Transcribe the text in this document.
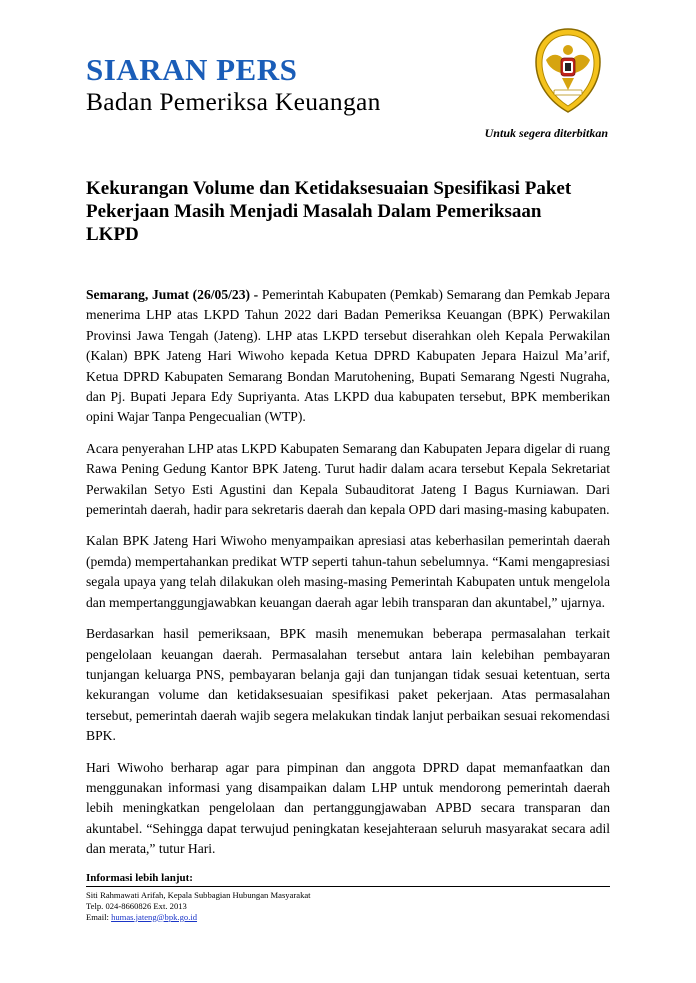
SIARAN PERS
Badan Pemeriksa Keuangan
Untuk segera diterbitkan
Kekurangan Volume dan Ketidaksesuaian Spesifikasi Paket Pekerjaan Masih Menjadi Masalah Dalam Pemeriksaan LKPD

Semarang, Jumat (26/05/23) - Pemerintah Kabupaten (Pemkab) Semarang dan Pemkab Jepara menerima LHP atas LKPD Tahun 2022 dari Badan Pemeriksa Keuangan (BPK) Perwakilan Provinsi Jawa Tengah (Jateng). LHP atas LKPD tersebut diserahkan oleh Kepala Perwakilan (Kalan) BPK Jateng Hari Wiwoho kepada Ketua DPRD Kabupaten Jepara Haizul Ma’arif, Ketua DPRD Kabupaten Semarang Bondan Marutohening, Bupati Semarang Ngesti Nugraha, dan Pj. Bupati Jepara Edy Supriyanta. Atas LKPD dua kabupaten tersebut, BPK memberikan opini Wajar Tanpa Pengecualian (WTP).

Acara penyerahan LHP atas LKPD Kabupaten Semarang dan Kabupaten Jepara digelar di ruang Rawa Pening Gedung Kantor BPK Jateng. Turut hadir dalam acara tersebut Kepala Sekretariat Perwakilan Setyo Esti Agustini dan Kepala Subauditorat Jateng I Bagus Kurniawan. Dari pemerintah daerah, hadir para sekretaris daerah dan kepala OPD dari masing-masing kabupaten.

Kalan BPK Jateng Hari Wiwoho menyampaikan apresiasi atas keberhasilan pemerintah daerah (pemda) mempertahankan predikat WTP seperti tahun-tahun sebelumnya. “Kami mengapresiasi segala upaya yang telah dilakukan oleh masing-masing Pemerintah Kabupaten untuk mengelola dan mempertanggungjawabkan keuangan daerah agar lebih transparan dan akuntabel,” ujarnya.

Berdasarkan hasil pemeriksaan, BPK masih menemukan beberapa permasalahan terkait pengelolaan keuangan daerah. Permasalahan tersebut antara lain kelebihan pembayaran tunjangan keluarga PNS, pembayaran belanja gaji dan tunjangan tidak sesuai ketentuan, serta kekurangan volume dan ketidaksesuaian spesifikasi paket pekerjaan. Atas permasalahan tersebut, pemerintah daerah wajib segera melakukan tindak lanjut perbaikan sesuai rekomendasi BPK.

Hari Wiwoho berharap agar para pimpinan dan anggota DPRD dapat memanfaatkan dan menggunakan informasi yang disampaikan dalam LHP untuk mendorong pemerintah daerah lebih meningkatkan pengelolaan dan pertanggungjawaban APBD secara transparan dan akuntabel. “Sehingga dapat terwujud peningkatan kesejahteraan seluruh masyarakat secara adil dan merata,” tutur Hari.

Informasi lebih lanjut:
Siti Rahmawati Arifah, Kepala Subbagian Hubungan Masyarakat
Telp. 024-8660826 Ext. 2013
Email: humas.jateng@bpk.go.id
